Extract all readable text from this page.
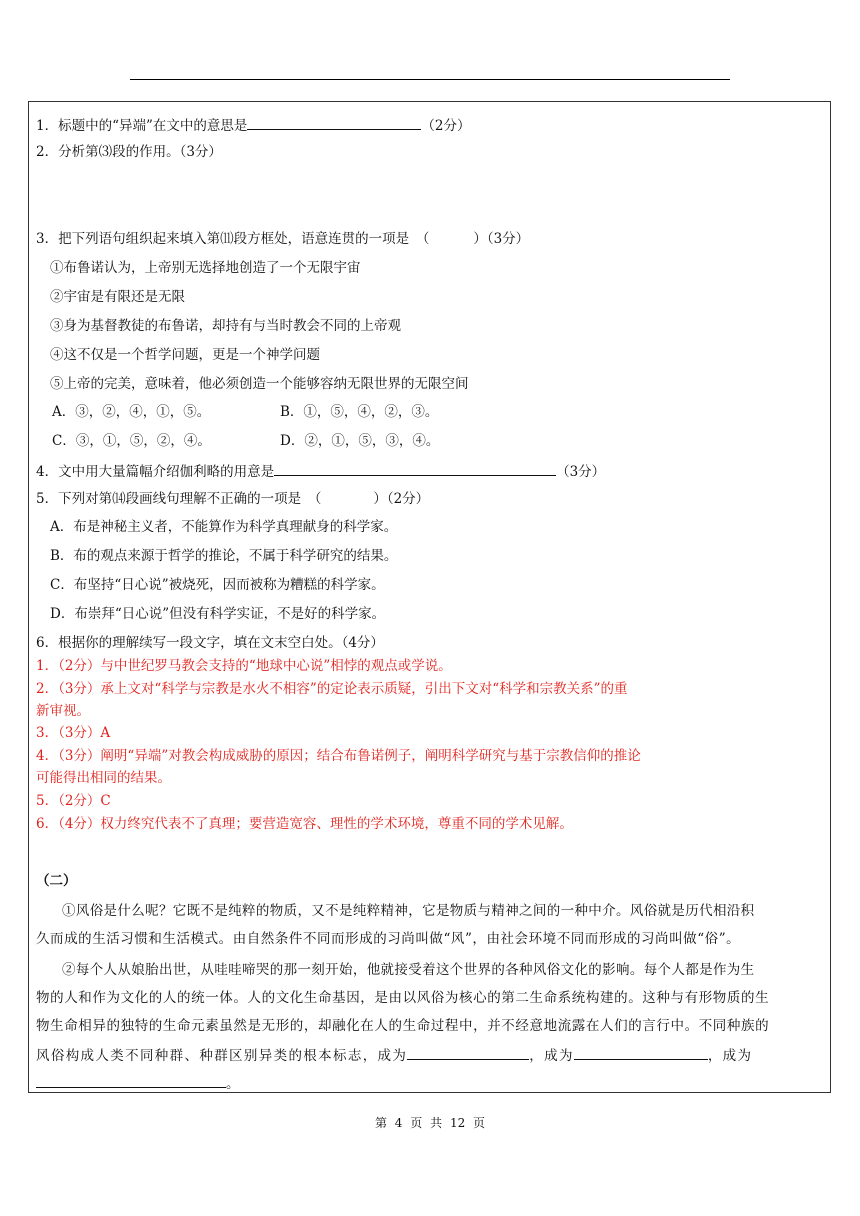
1．标题中的“异端”在文中的意思是	（2分）
2．分析第⑶段的作用。（3分）
3．把下列语句组织起来填入第⑾段方框处，语意连贯的一项是　（	）（3分）
①布鲁诺认为，上帝别无选择地创造了一个无限宇宙
②宇宙是有限还是无限
③身为基督教徒的布鲁诺，却持有与当时教会不同的上帝观
④这不仅是一个哲学问题，更是一个神学问题
⑤上帝的完美，意味着，他必须创造一个能够容纳无限世界的无限空间
A．③，②，④，①，⑤。	B．①，⑤，④，②，③。
C．③，①，⑤，②，④。	D．②，①，⑤，③，④。
4．文中用大量篇幅介绍伽利略的用意是	（3分）
5．下列对第⒁段画线句理解不正确的一项是　（	）（2分）
A．布是神秘主义者，不能算作为科学真理献身的科学家。
B．布的观点来源于哲学的推论，不属于科学研究的结果。
C．布坚持“日心说”被烧死，因而被称为糟糕的科学家。
D．布崇拜“日心说”但没有科学实证，不是好的科学家。
6．根据你的理解续写一段文字，填在文末空白处。（4分）
1．（2分）与中世纪罗马教会支持的“地球中心说”相悖的观点或学说。
2．（3分）承上文对“科学与宗教是水火不相容”的定论表示质疑，引出下文对“科学和宗教关系”的重
新审视。
3．（3分）A
4．（3分）阐明“异端”对教会构成威胁的原因；结合布鲁诺例子，阐明科学研究与基于宗教信仰的推论
可能得出相同的结果。
5．（2分）C
6．（4分）权力终究代表不了真理；要营造宽容、理性的学术环境，尊重不同的学术见解。
（二）
①风俗是什么呢？它既不是纯粹的物质，又不是纯粹精神，它是物质与精神之间的一种中介。风俗就是历代相沿积
久而成的生活习惯和生活模式。由自然条件不同而形成的习尚叫做“风”，由社会环境不同而形成的习尚叫做“俗”。
②每个人从娘胎出世，从哇哇啼哭的那一刻开始，他就接受着这个世界的各种风俗文化的影响。每个人都是作为生
物的人和作为文化的人的统一体。人的文化生命基因，是由以风俗为核心的第二生命系统构建的。这种与有形物质的生
物生命相异的独特的生命元素虽然是无形的，却融化在人的生命过程中，并不经意地流露在人们的言行中。不同种族的
风俗构成人类不同种群、种群区别异类的根本标志，成为	，成为	，成为
。
第 4 页 共 12 页
